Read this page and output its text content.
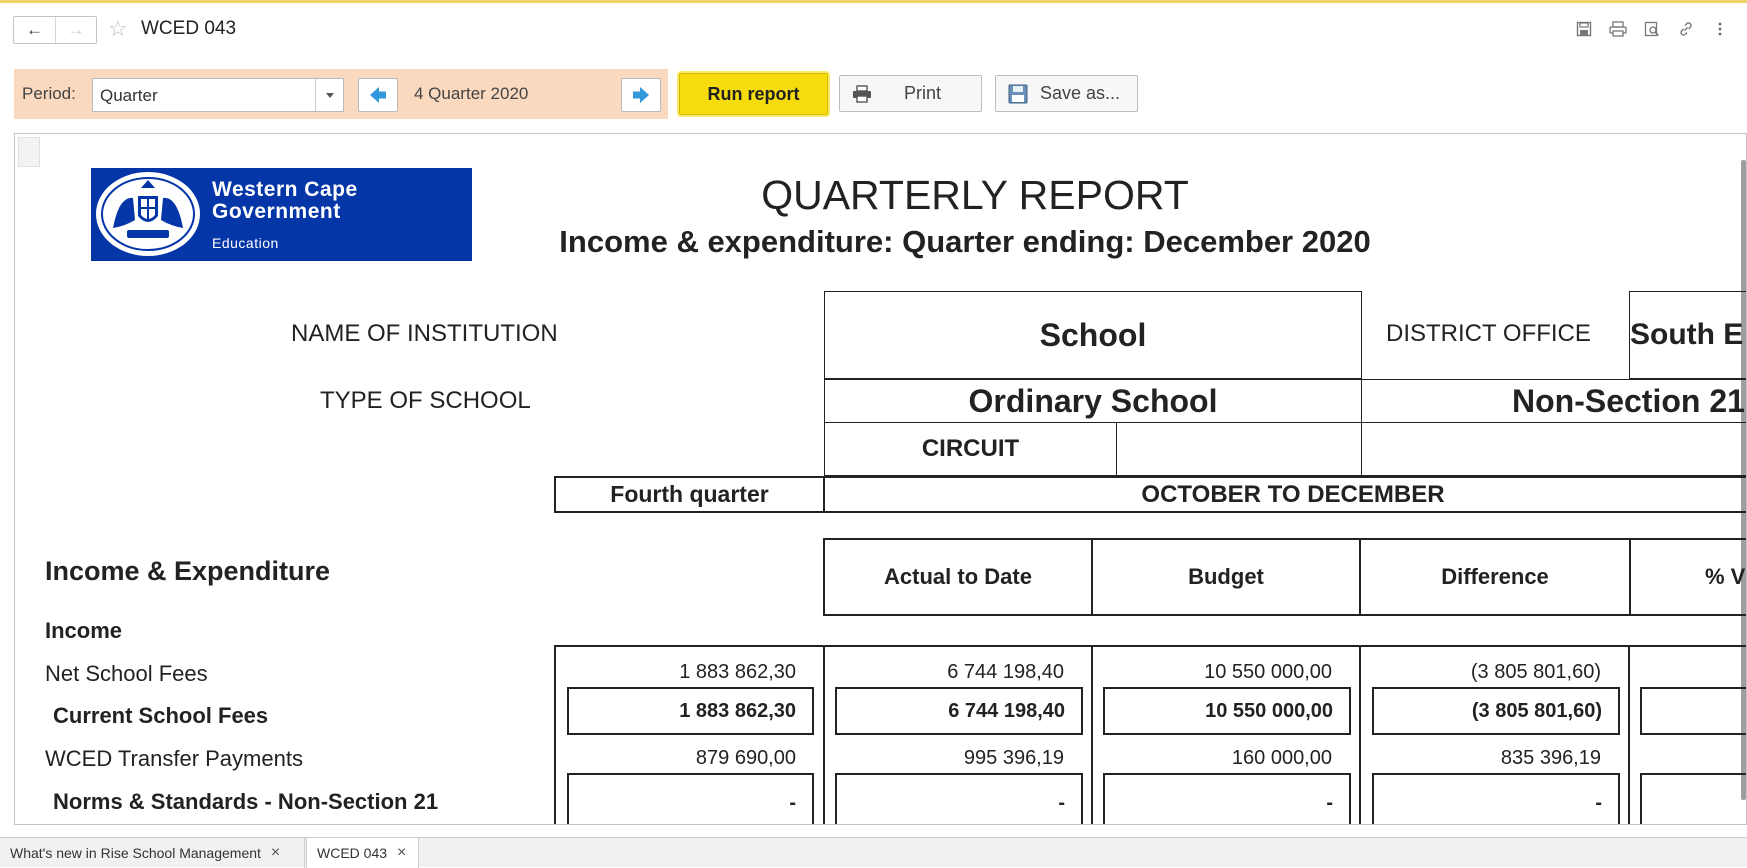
← → ☆ WCED 043
Period: Quarter	4 Quarter 2020	Run report	Print	Save as...
Western Cape
Government
Education
QUARTERLY REPORT
Income & expenditure: Quarter ending: December 2020
NAME OF INSTITUTION	School	DISTRICT OFFICE South E
TYPE OF SCHOOL	Ordinary School	Non-Section 21
CIRCUIT
Fourth quarter	OCTOBER TO DECEMBER
Income & Expenditure	Actual to Date	Budget	Difference	% V
Income
Net School Fees	1 883 862,30	6 744 198,40	10 550 000,00	(3 805 801,60)
Current School Fees	1 883 862,30	6 744 198,40	10 550 000,00	(3 805 801,60)
WCED Transfer Payments	879 690,00	995 396,19	160 000,00	835 396,19
Norms & Standards - Non-Section 21	-	-	-	-
What's new in Rise School Management ×	WCED 043 ×
